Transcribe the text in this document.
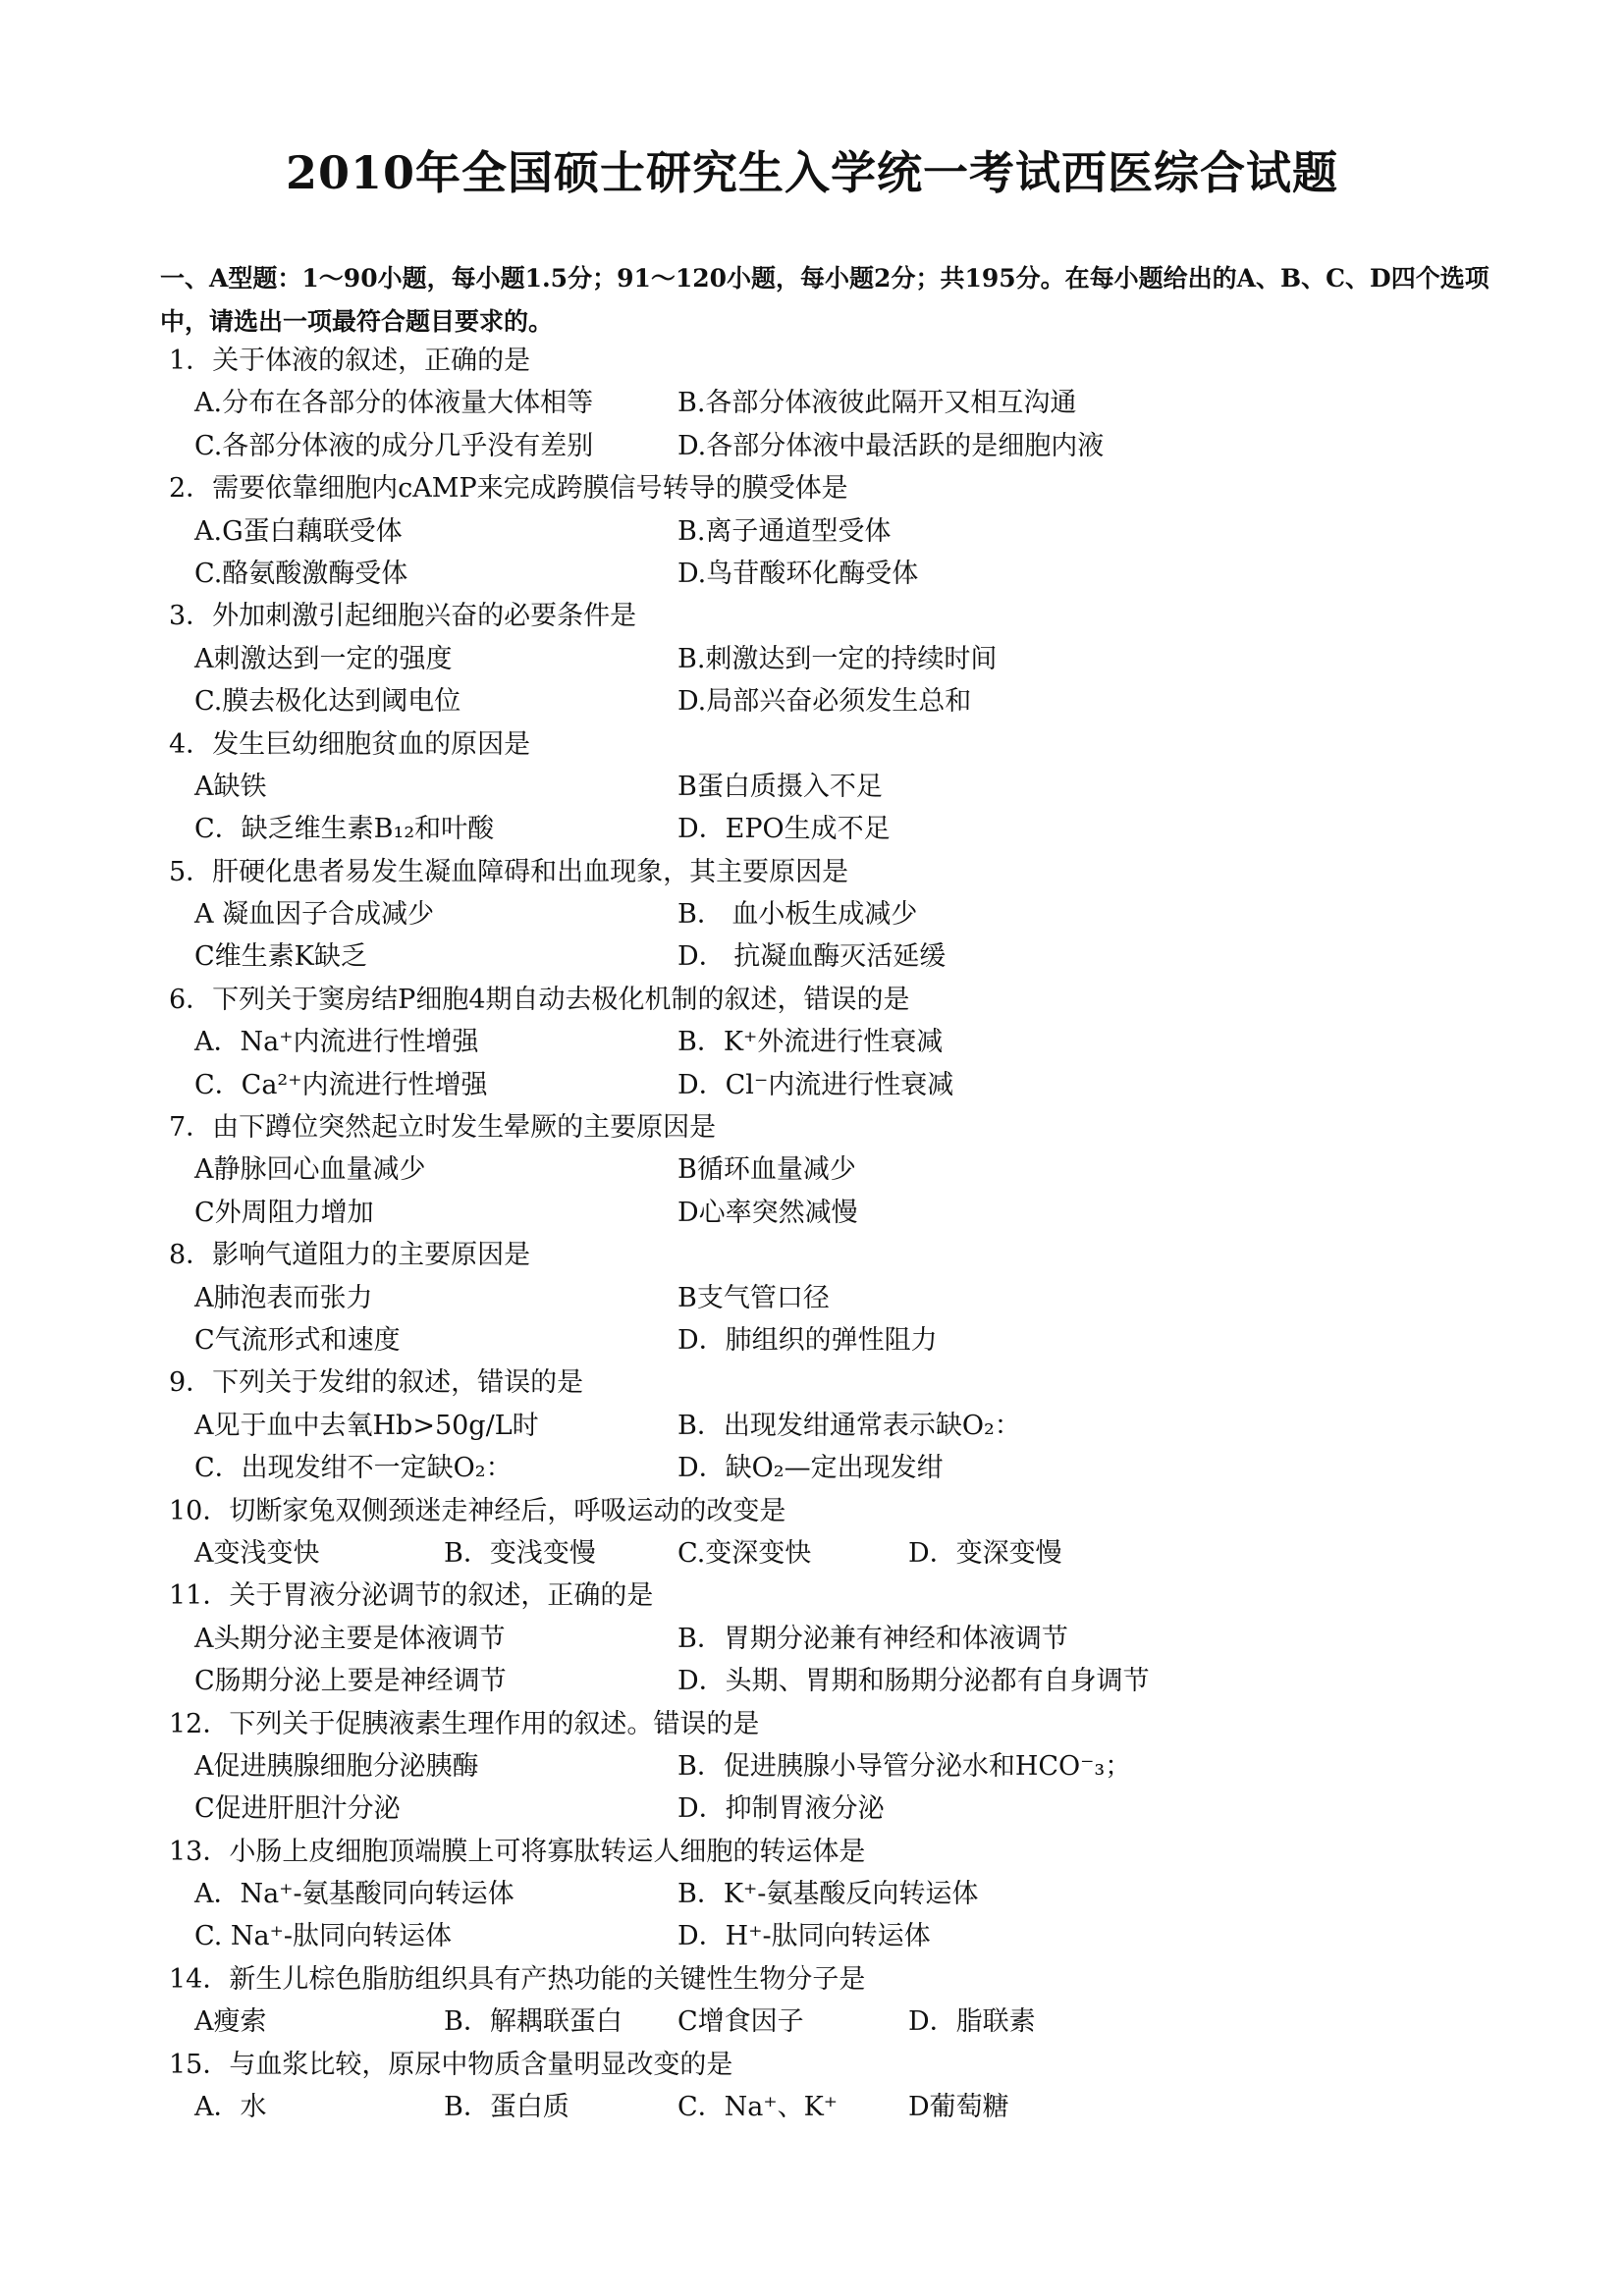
2010年全国硕士研究生入学统一考试西医综合试题
一、A型题：1～90小题，每小题1.5分；91～120小题，每小题2分；共195分。在每小题给出的A、B、C、D四个选项中，请选出一项最符合题目要求的。
1．关于体液的叙述，正确的是
A.分布在各部分的体液量大体相等	B.各部分体液彼此隔开又相互沟通
C.各部分体液的成分几乎没有差别	D.各部分体液中最活跃的是细胞内液
2．需要依靠细胞内cAMP来完成跨膜信号转导的膜受体是
A.G蛋白藕联受体	B.离子通道型受体
C.酪氨酸激酶受体	D.鸟苷酸环化酶受体
3．外加刺激引起细胞兴奋的必要条件是
A刺激达到一定的强度	B.刺激达到一定的持续时间
C.膜去极化达到阈电位	D.局部兴奋必须发生总和
4．发生巨幼细胞贫血的原因是
A缺铁	B蛋白质摄入不足
C．缺乏维生素B₁₂和叶酸	D．EPO生成不足
5．肝硬化患者易发生凝血障碍和出血现象，其主要原因是
A 凝血因子合成减少	B． 血小板生成减少
C维生素K缺乏	D． 抗凝血酶灭活延缓
6．下列关于窦房结P细胞4期自动去极化机制的叙述，错误的是
A．Na⁺内流进行性增强	B．K⁺外流进行性衰减
C．Ca²⁺内流进行性增强	D．Cl⁻内流进行性衰减
7．由下蹲位突然起立时发生晕厥的主要原因是
A静脉回心血量减少	B循环血量减少
C外周阻力增加	D心率突然减慢
8．影响气道阻力的主要原因是
A肺泡表而张力	B支气管口径
C气流形式和速度	D．肺组织的弹性阻力
9．下列关于发绀的叙述，错误的是
A见于血中去氧Hb>50g/L时	B．出现发绀通常表示缺O₂：
C．出现发绀不一定缺O₂：	D．缺O₂—定出现发绀
10．切断家兔双侧颈迷走神经后，呼吸运动的改变是
A变浅变快	B．变浅变慢	C.变深变快	D．变深变慢
11．关于胃液分泌调节的叙述，正确的是
A头期分泌主要是体液调节	B．胃期分泌兼有神经和体液调节
C肠期分泌上要是神经调节	D．头期、胃期和肠期分泌都有自身调节
12．下列关于促胰液素生理作用的叙述。错误的是
A促进胰腺细胞分泌胰酶	B．促进胰腺小导管分泌水和HCO⁻₃；
C促进肝胆汁分泌	D．抑制胃液分泌
13．小肠上皮细胞顶端膜上可将寡肽转运人细胞的转运体是
A．Na⁺-氨基酸同向转运体	B．K⁺-氨基酸反向转运体
C. Na⁺-肽同向转运体	D．H⁺-肽同向转运体
14．新生儿棕色脂肪组织具有产热功能的关键性生物分子是
A瘦索	B．解耦联蛋白 C增食因子	D．脂联素
15．与血浆比较，原尿中物质含量明显改变的是
A．水	B．蛋白质	C．Na⁺、K⁺	D葡萄糖
